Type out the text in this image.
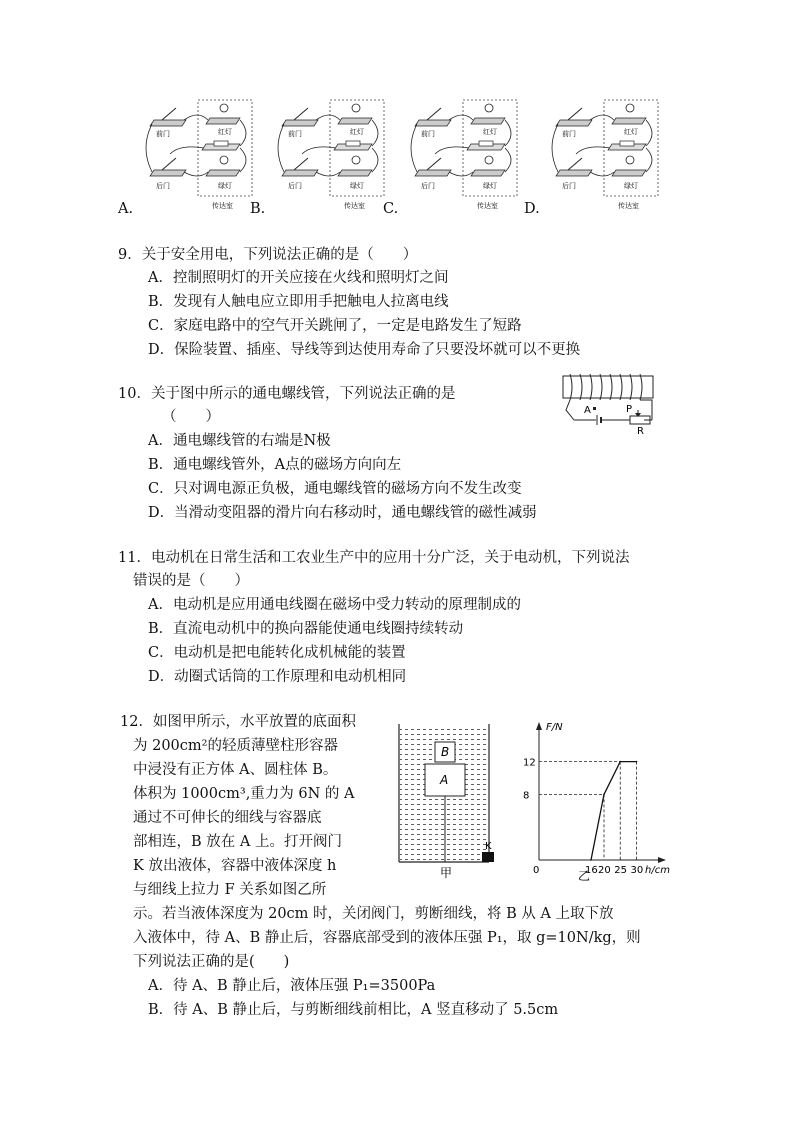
A.
前门
后门
红灯
绿灯
传达室 B.
前门
后门
红灯
绿灯
传达室 C.
前门
后门
红灯
绿灯
传达室 D.
前门
后门
红灯
绿灯
传达室
9．关于安全用电，下列说法正确的是（　　）
A．控制照明灯的开关应接在火线和照明灯之间
B．发现有人触电应立即用手把触电人拉离电线
C．家庭电路中的空气开关跳闸了，一定是电路发生了短路
D．保险装置、插座、导线等到达使用寿命了只要没坏就可以不更换
10．关于图中所示的通电螺线管，下列说法正确的是
（　　）
A．通电螺线管的右端是N极
B．通电螺线管外，A点的磁场方向向左
C．只对调电源正负极，通电螺线管的磁场方向不发生改变
D．当滑动变阻器的滑片向右移动时，通电螺线管的磁性减弱
A	P
R
11．电动机在日常生活和工农业生产中的应用十分广泛，关于电动机，下列说法
错误的是（　　）
A．电动机是应用通电线圈在磁场中受力转动的原理制成的
B．直流电动机中的换向器能使通电线圈持续转动
C．电动机是把电能转化成机械能的装置
D．动圈式话筒的工作原理和电动机相同
12．如图甲所示，水平放置的底面积
为 200cm²的轻质薄壁柱形容器
中浸没有正方体 A、圆柱体 B。
体积为 1000cm³,重力为 6N 的 A
通过不可伸长的细线与容器底
部相连，B 放在 A 上。打开阀门
K 放出液体，容器中液体深度 h
与细线上拉力 F 关系如图乙所
示。若当液体深度为 20cm 时，关闭阀门，剪断细线，将 B 从 A 上取下放
入液体中，待 A、B 静止后，容器底部受到的液体压强 P₁，取 g=10N/kg，则
下列说法正确的是(　　)
A．待 A、B 静止后，液体压强 P₁=3500Pa
B．待 A、B 静止后，与剪断细线前相比，A 竖直移动了 5.5cm
B
A
K
甲
F/N
h/cm
0	16 20 25 30
12
8
乙
